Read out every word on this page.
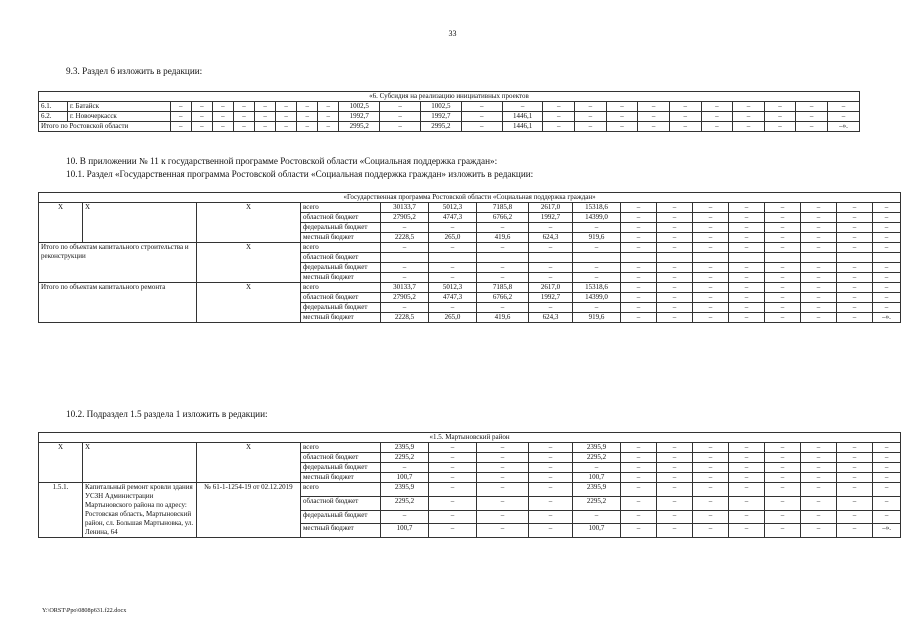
33
9.3. Раздел 6 изложить в редакции:
«6. Субсидия на реализацию инициативных проектов																								
6.1.	г. Батайск	–	–	–	–	–	–	–	–	1002,5	–	1002,5	–	–	–	–	–	–	–	–	–	–	–	–
6.2.	г. Новочеркасск	–	–	–	–	–	–	–	–	1992,7	–	1992,7	–	1446,1	–	–	–	–	–	–	–	–	–	–
Итого по Ростовской области		–	–	–	–	–	–	–	–	2995,2	–	2995,2	–	1446,1	–	–	–	–	–	–	–	–	–	–».
10. В приложении № 11 к государственной программе Ростовской области «Социальная поддержка граждан»:
10.1. Раздел «Государственная программа Ростовской области «Социальная поддержка граждан» изложить в редакции:
«Государственная программа Ростовской области «Социальная поддержка граждан»																
Х	Х	Х	всего	30133,7	5012,3	7185,8	2617,0	15318,6	–	–	–	–	–	–	–	–
			областной бюджет	27905,2	4747,3	6766,2	1992,7	14399,0	–	–	–	–	–	–	–	–
			федеральный бюджет	–	–	–	–	–	–	–	–	–	–	–	–	–
			местный бюджет	2228,5	265,0	419,6	624,3	919,6	–	–	–	–	–	–	–	–
Итого по объектам капитального строительства и реконструкции		Х	всего	–	–	–	–	–	–	–	–	–	–	–	–	–
			областной бюджет													
			федеральный бюджет	–	–	–	–	–	–	–	–	–	–	–	–	–
			местный бюджет	–	–	–	–	–	–	–	–	–	–	–	–	–
Итого по объектам капитального ремонта		Х	всего	30133,7	5012,3	7185,8	2617,0	15318,6	–	–	–	–	–	–	–	–
			областной бюджет	27905,2	4747,3	6766,2	1992,7	14399,0	–	–	–	–	–	–	–	–
			федеральный бюджет	–	–	–	–	–	–	–	–	–	–	–	–	–
			местный бюджет	2228,5	265,0	419,6	624,3	919,6	–	–	–	–	–	–	–	–».
10.2. Подраздел 1.5 раздела 1 изложить в редакции:
«1.5. Мартыновский район																
Х	Х	Х	всего	2395,9	–	–	–	2395,9	–	–	–	–	–	–	–	–
			областной бюджет	2295,2	–	–	–	2295,2	–	–	–	–	–	–	–	–
			федеральный бюджет	–	–	–	–	–	–	–	–	–	–	–	–	–
			местный бюджет	100,7	–	–	–	100,7	–	–	–	–	–	–	–	–
1.5.1.	Капитальный ремонт кровли здания УСЗН Администрации Мартыновского района по адресу: Ростовская область, Мартыновский район, сл. Большая Мартыновка, ул. Ленина, 64	№ 61-1-1254-19 от 02.12.2019	всего	2395,9	–	–	–	2395,9	–	–	–	–	–	–	–	–
			областной бюджет	2295,2	–	–	–	2295,2	–	–	–	–	–	–	–	–
			федеральный бюджет	–	–	–	–	–	–	–	–	–	–	–	–	–
			местный бюджет	100,7	–	–	–	100,7	–	–	–	–	–	–	–	–».
Y:\ORST\Ppo\0808p631.f22.docx
